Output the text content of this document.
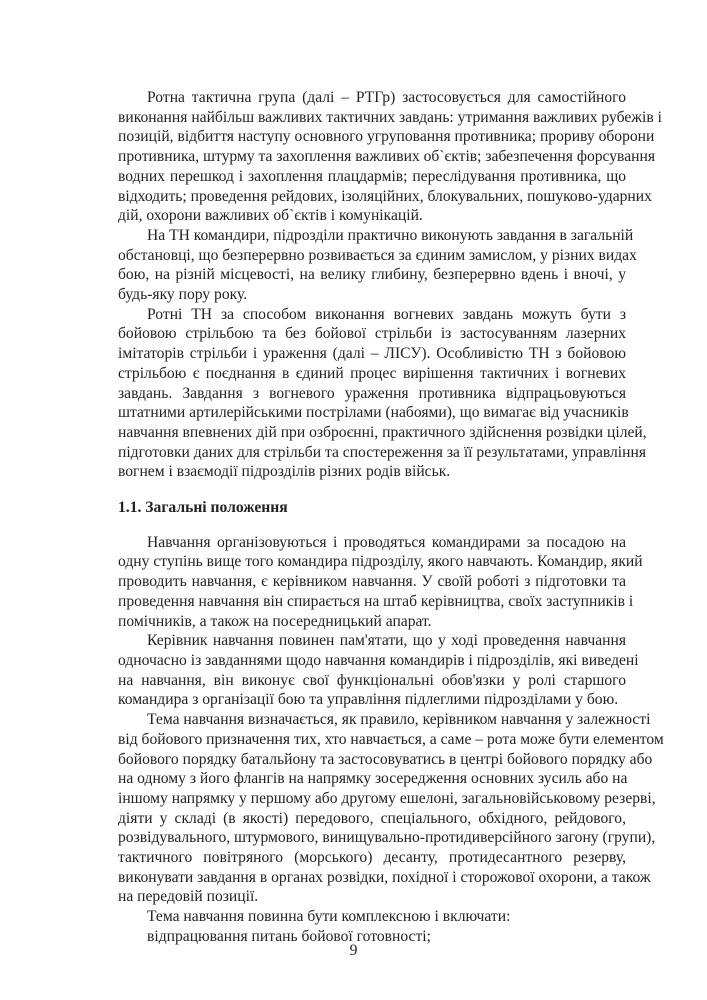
Ротна тактична група (далі – РТГр) застосовується для самостійного
виконання найбільш важливих тактичних завдань: утримання важливих рубежів і
позицій, відбиття наступу основного угруповання противника; прориву оборони
противника, штурму та захоплення важливих об`єктів; забезпечення форсування
водних перешкод і захоплення плацдармів; переслідування противника, що
відходить; проведення рейдових, ізоляційних, блокувальних, пошуково-ударних
дій, охорони важливих об`єктів і комунікацій.
На ТН командири, підрозділи практично виконують завдання в загальній
обстановці, що безперервно розвивається за єдиним замислом, у різних видах
бою, на різній місцевості, на велику глибину, безперервно вдень і вночі, у
будь-яку пору року.
Ротні ТН за способом виконання вогневих завдань можуть бути з
бойовою стрільбою та без бойової стрільби із застосуванням лазерних
імітаторів стрільби і ураження (далі – ЛІСУ). Особливістю ТН з бойовою
стрільбою є поєднання в єдиний процес вирішення тактичних і вогневих
завдань. Завдання з вогневого ураження противника відпрацьовуються
штатними артилерійськими пострілами (набоями), що вимагає від учасників
навчання впевнених дій при озброєнні, практичного здійснення розвідки цілей,
підготовки даних для стрільби та спостереження за її результатами, управління
вогнем і взаємодії підрозділів різних родів військ.
1.1. Загальні положення
Навчання організовуються і проводяться командирами за посадою на
одну ступінь вище того командира підрозділу, якого навчають. Командир, який
проводить навчання, є керівником навчання. У своїй роботі з підготовки та
проведення навчання він спирається на штаб керівництва, своїх заступників і
помічників, а також на посередницький апарат.
Керівник навчання повинен пам'ятати, що у ході проведення навчання
одночасно із завданнями щодо навчання командирів і підрозділів, які виведені
на навчання, він виконує свої функціональні обов'язки у ролі старшого
командира з організації бою та управління підлеглими підрозділами у бою.
Тема навчання визначається, як правило, керівником навчання у залежності
від бойового призначення тих, хто навчається, а саме – рота може бути елементом
бойового порядку батальйону та застосовуватись в центрі бойового порядку або
на одному з його флангів на напрямку зосередження основних зусиль або на
іншому напрямку у першому або другому ешелоні, загальновійськовому резерві,
діяти у складі (в якості) передового, спеціального, обхідного, рейдового,
розвідувального, штурмового, винищувально-протидиверсійного загону (групи),
тактичного повітряного (морського) десанту, протидесантного резерву,
виконувати завдання в органах розвідки, похідної і сторожової охорони, а також
на передовій позиції.
Тема навчання повинна бути комплексною і включати:
відпрацювання питань бойової готовності;
9
